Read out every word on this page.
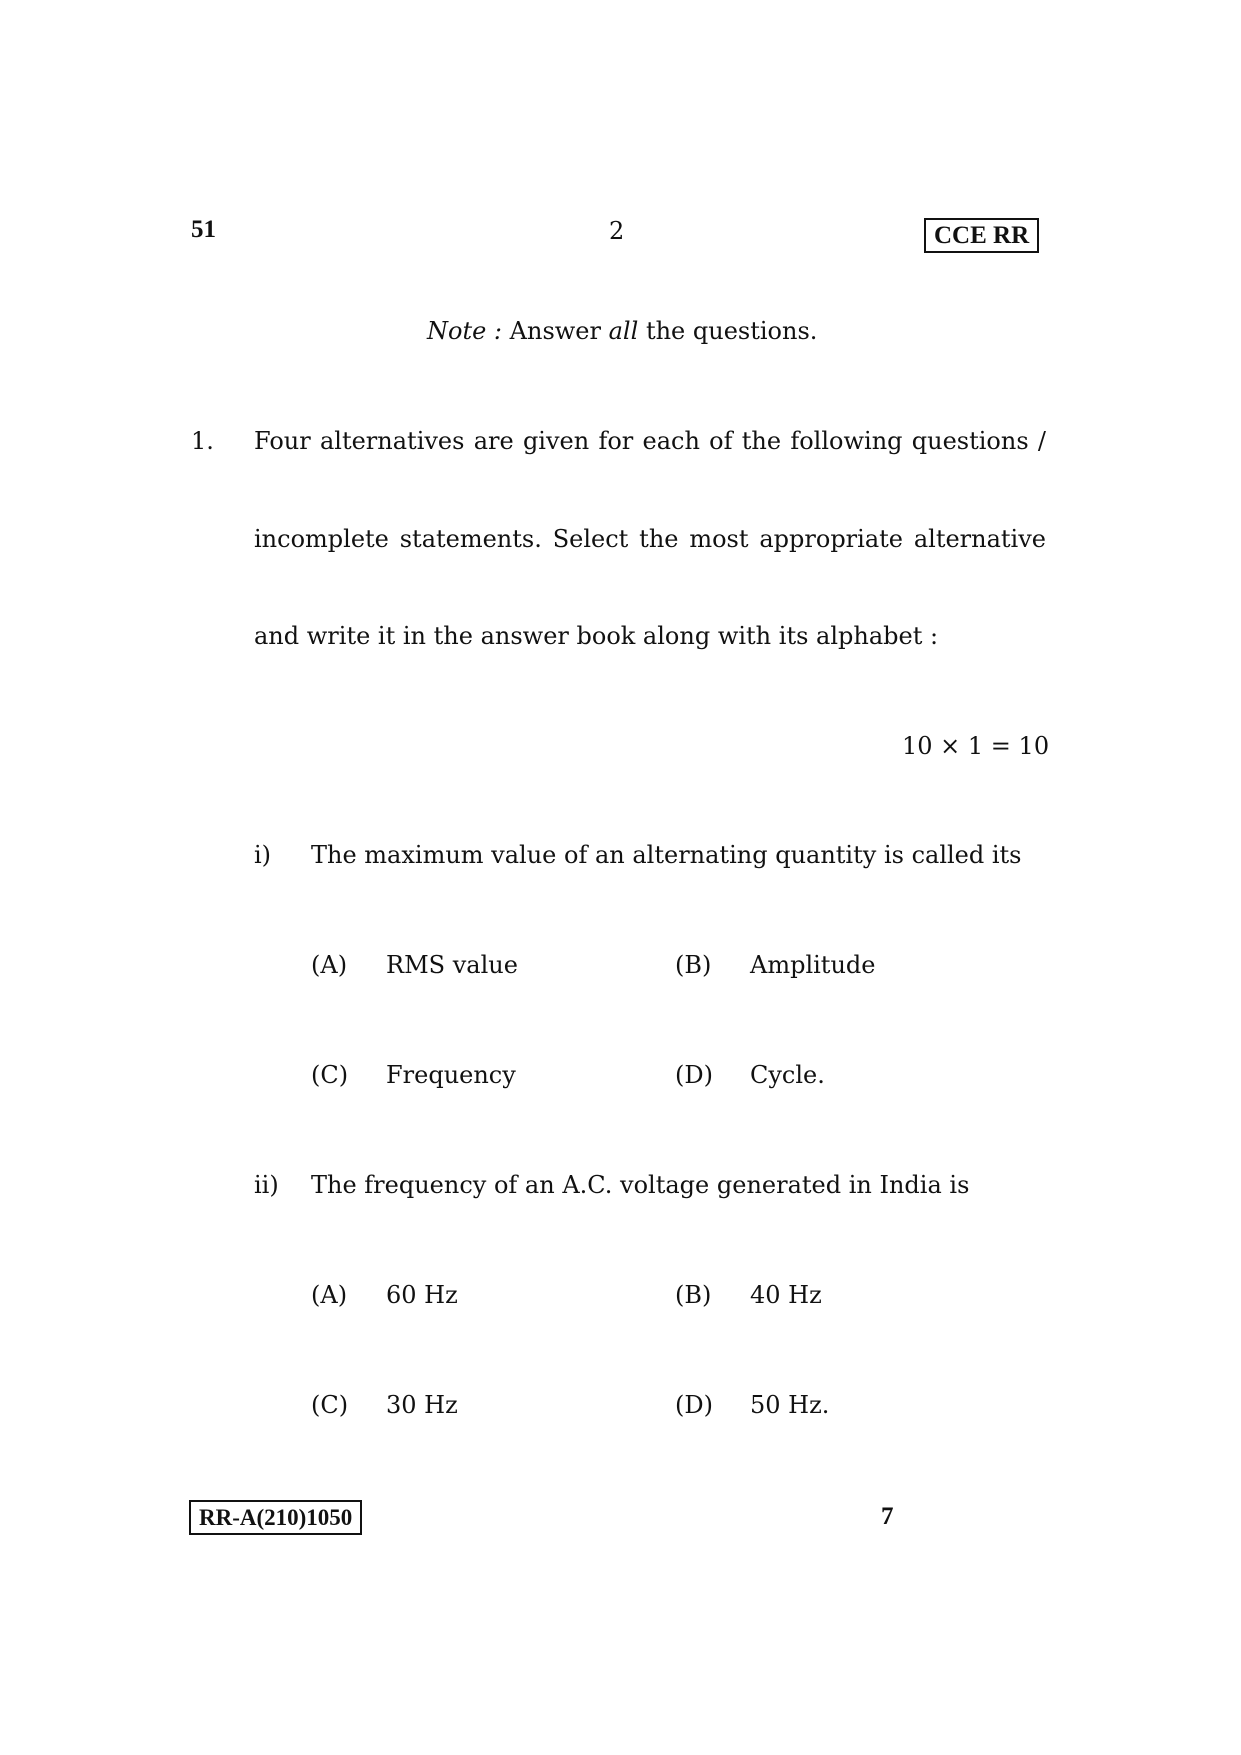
51	2	CCE RR
Note : Answer all the questions.
1. Four alternatives are given for each of the following questions /
incomplete statements. Select the most appropriate alternative
and write it in the answer book along with its alphabet :
10 × 1 = 10
i) The maximum value of an alternating quantity is called its
(A) RMS value	(B) Amplitude
(C) Frequency	(D) Cycle.
ii) The frequency of an A.C. voltage generated in India is
(A) 60 Hz	(B) 40 Hz
(C) 30 Hz	(D) 50 Hz.
RR-A(210)1050	7
